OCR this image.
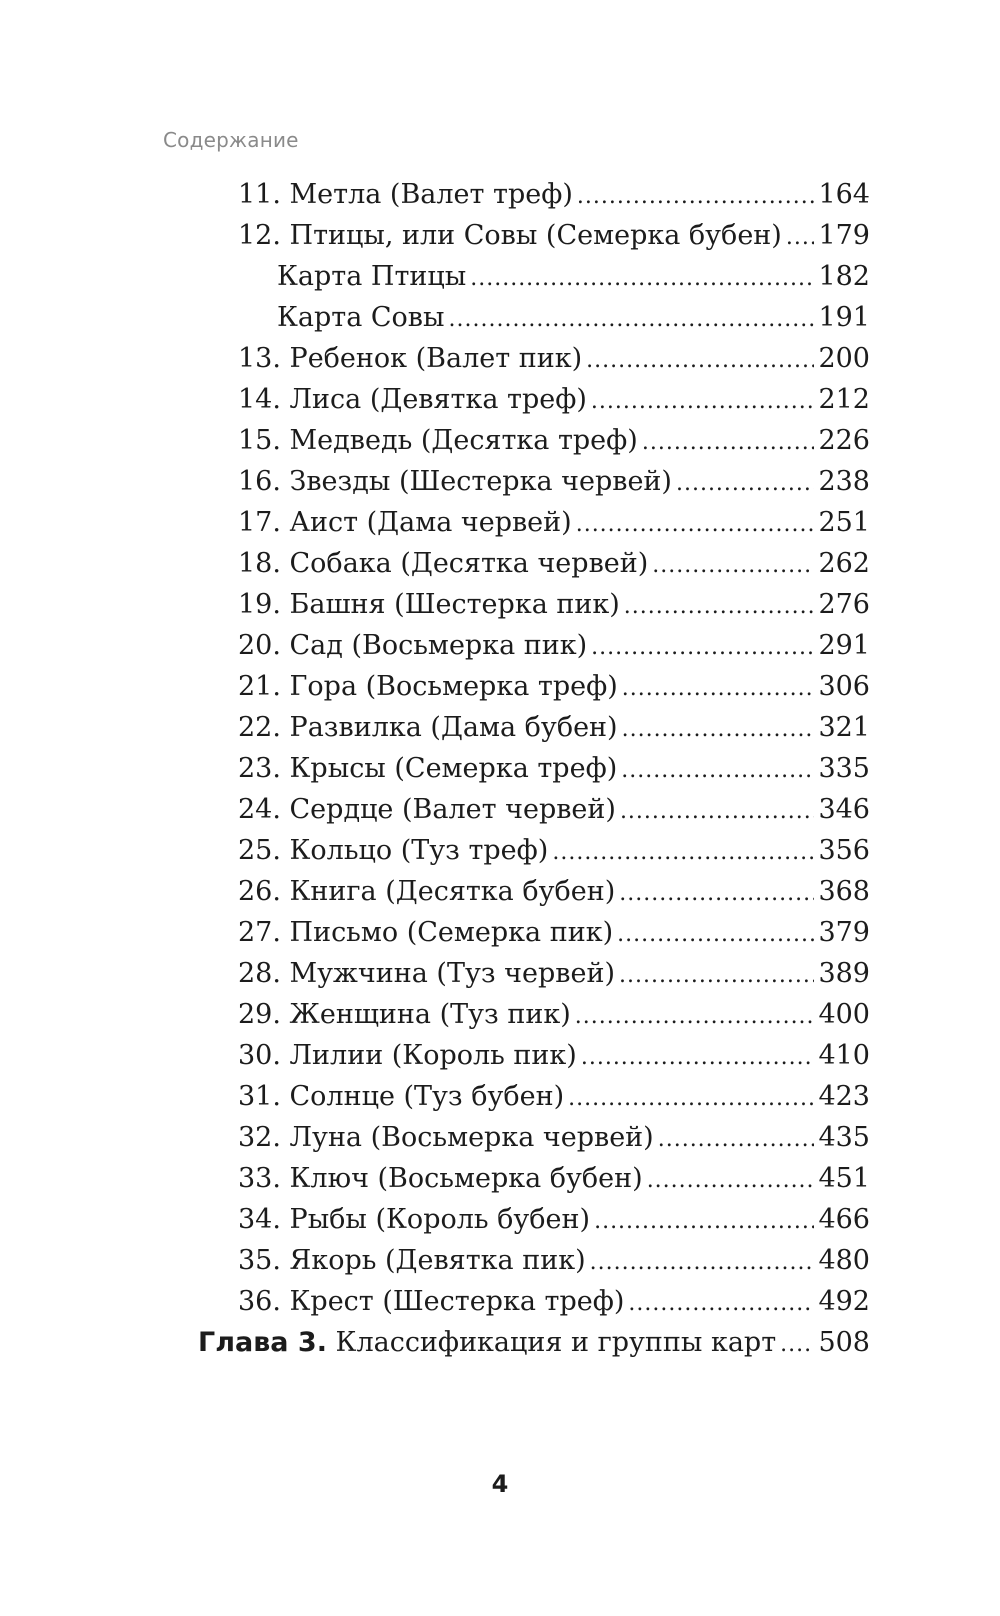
Содержание
11. Метла (Валет треф) .....	164
12. Птицы, или Совы (Семерка бубен) ..... 179
Карта Птицы .....	182
Карта Совы .....	191
13. Ребенок (Валет пик) .....	200
14. Лиса (Девятка треф) .....	212
15. Медведь (Десятка треф) .....	226
16. Звезды (Шестерка червей) .....	238
17. Аист (Дама червей) .....	251
18. Собака (Десятка червей) .....	262
19. Башня (Шестерка пик) .....	276
20. Сад (Восьмерка пик) .....	291
21. Гора (Восьмерка треф) .....	306
22. Развилка (Дама бубен) .....	321
23. Крысы (Семерка треф) .....	335
24. Сердце (Валет червей) .....	346
25. Кольцо (Туз треф) .....	356
26. Книга (Десятка бубен) .....	368
27. Письмо (Семерка пик) .....	379
28. Мужчина (Туз червей) .....	389
29. Женщина (Туз пик) .....	400
30. Лилии (Король пик) .....	410
31. Солнце (Туз бубен) .....	423
32. Луна (Восьмерка червей) .....	435
33. Ключ (Восьмерка бубен) .....	451
34. Рыбы (Король бубен) .....	466
35. Якорь (Девятка пик) .....	480
36. Крест (Шестерка треф) .....	492
Глава 3. Классификация и группы карт ..... 508
4
